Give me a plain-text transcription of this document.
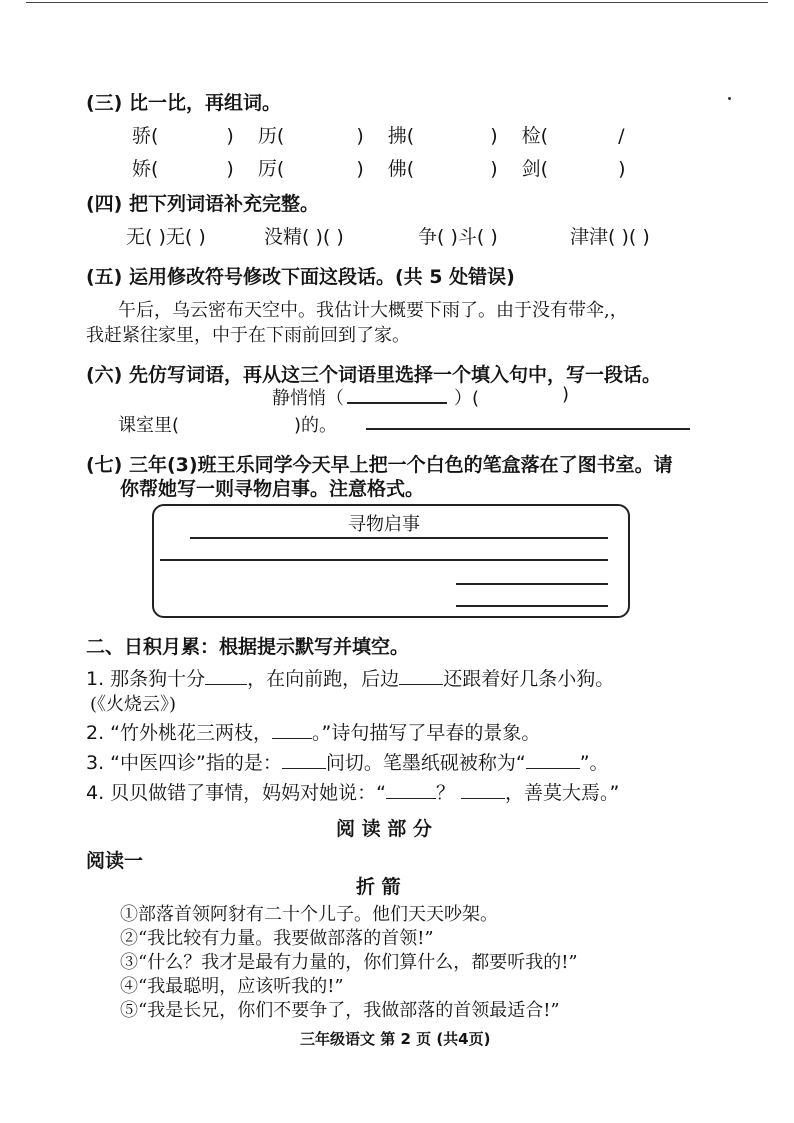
(三) 比一比，再组词。
骄(	) 历(	) 拂(	) 检(	/
娇(	) 厉(	) 佛(	) 剑(	)
(四) 把下列词语补充完整。
无( )无( )	没精( )( )	争( )斗( )	津津( )( )
(五) 运用修改符号修改下面这段话。(共 5 处错误)
午后，乌云密布天空中。我估计大概要下雨了。由于没有带伞,，
我赶紧往家里，中于在下雨前回到了家。
(六) 先仿写词语，再从这三个词语里选择一个填入句中，写一段话。
静悄悄（	）(	)
课室里(	)的。
(七) 三年(3)班王乐同学今天早上把一个白色的笔盒落在了图书室。请
你帮她写一则寻物启事。注意格式。
寻物启事
二、日积月累：根据提示默写并填空。
1. 那条狗十分 ，在向前跑，后边 还跟着好几条小狗。
(《火烧云》)
2. “竹外桃花三两枝， 。”诗句描写了早春的景象。
3. “中医四诊”指的是： 问切。笔墨纸砚被称为“	”。
4. 贝贝做错了事情，妈妈对她说：“	？	，善莫大焉。”
阅 读 部 分
阅读一
折 箭
①部落首领阿豺有二十个儿子。他们天天吵架。
②“我比较有力量。我要做部落的首领!”
③“什么？我才是最有力量的，你们算什么，都要听我的!”
④“我最聪明，应该听我的!”
⑤“我是长兄，你们不要争了，我做部落的首领最适合!”
三年级语文 第 2 页 (共4页)
